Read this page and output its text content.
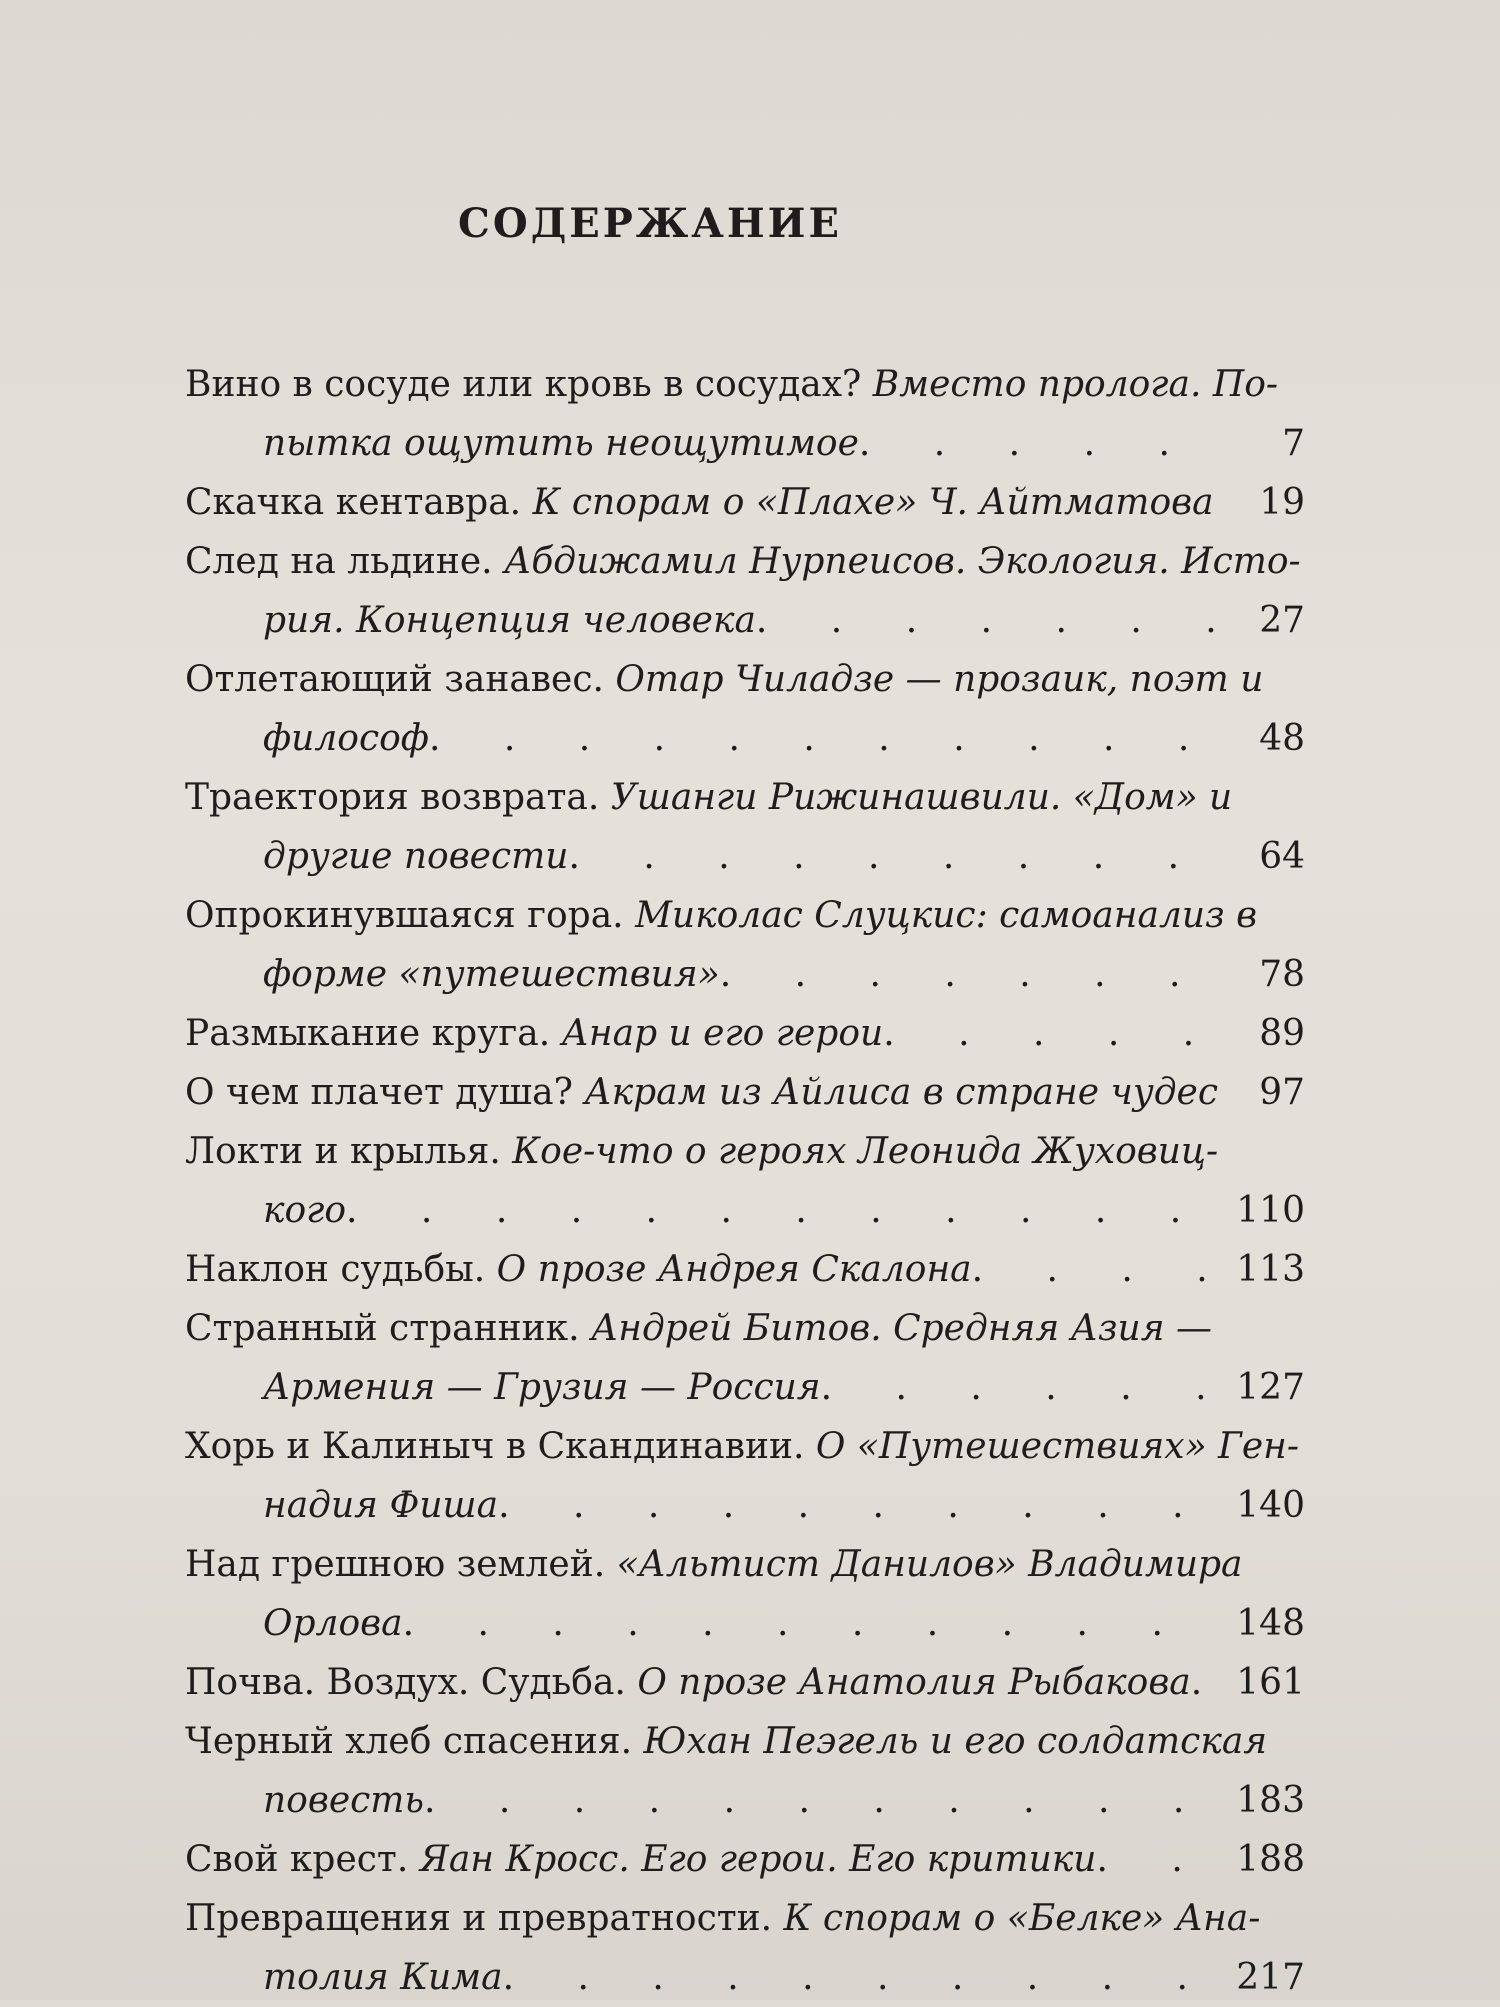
СОДЕРЖАНИЕ
Вино в сосуде или кровь в сосудах? Вместо пролога. По-
пытка ощутить неощутимое . . .	7
Скачка кентавра.
К спорам о «Плахе» Ч. Айтматова . . .	19
След на льдине. Абдижамил Нурпеисов. Экология. Исто-
рия. Концепция человека . . .	27
Отлетающий занавес. Отар Чиладзе — прозаик, поэт и
философ . . .	48
Траектория возврата. Ушанги Рижинашвили. «Дом» и
другие повести . . .	64
Опрокинувшаяся гора. Миколас Слуцкис: самоанализ в
форме «путешествия» . . .	78
Размыкание круга.
Анар и его герои . . .	89
О чем плачет душа?
Акрам из Айлиса в стране чудес	97
Локти и крылья. Кое-что о героях Леонида Жуховиц-
кого . . .	110
Наклон судьбы.
О прозе Андрея Скалона . . .	113
Странный странник. Андрей Битов. Средняя Азия —
Армения — Грузия — Россия . . .	127
Хорь и Калиныч в Скандинавии. О «Путешествиях» Ген-
надия Фиша . . .	140
Над грешною землей. «Альтист Данилов» Владимира
Орлова . . .	148
Почва. Воздух. Судьба.
О прозе Анатолия Рыбакова . . .	161
Черный хлеб спасения. Юхан Пеэгель и его солдатская
повесть . . .	183
Свой крест.
Яан Кросс. Его герои. Его критики . . .	188
Превращения и превратности. К спорам о «Белке» Ана-
толия Кима . . .	217
